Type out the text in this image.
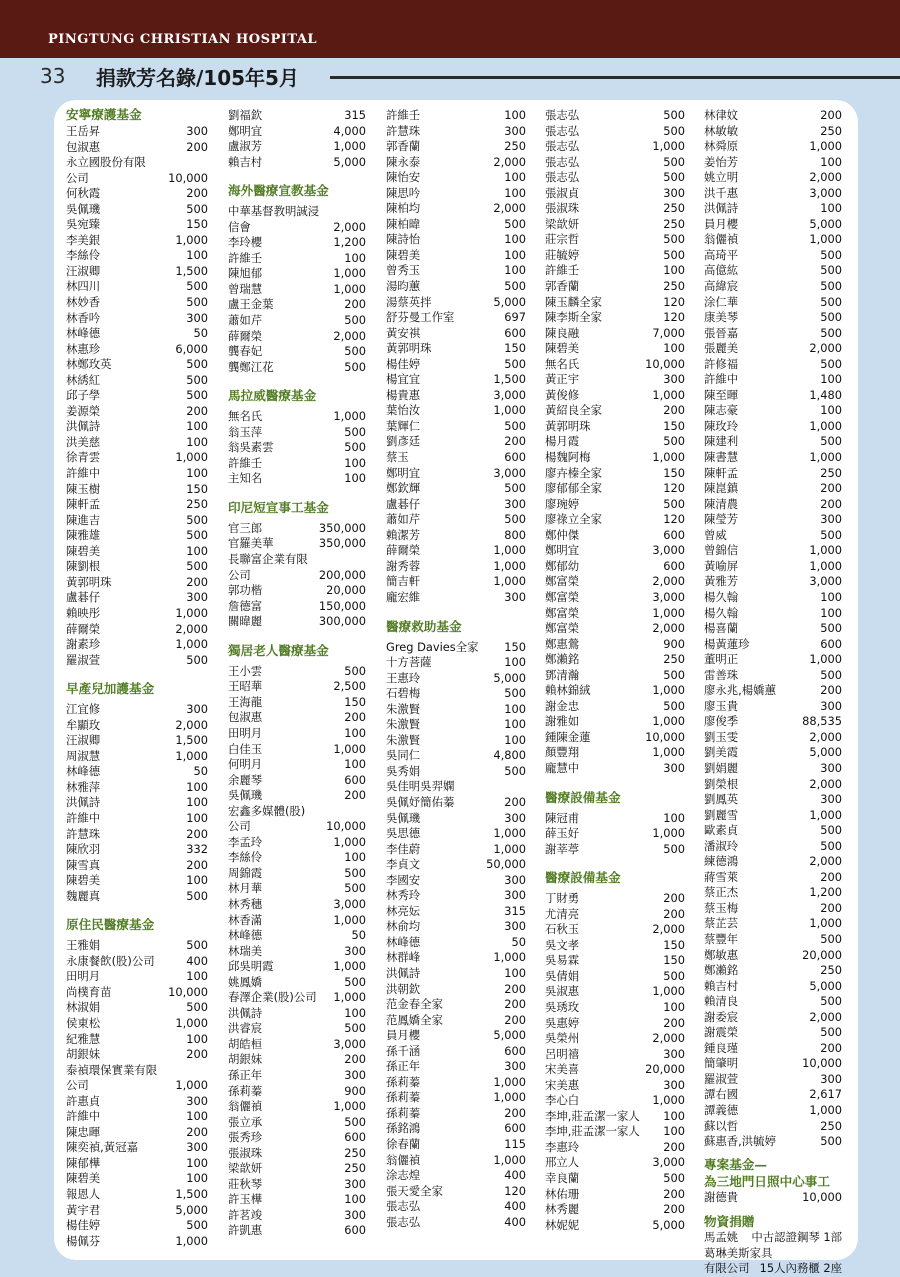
PINGTUNG CHRISTIAN HOSPITAL
33 捐款芳名錄/105年5月
安寧療護基金
王岳昇	300
包淑惠	200
永立國股份有限
公司	10,000
何秋霞	200
吳佩璣	500
吳宛臻	150
李美銀	1,000
李絲伶	100
汪淑卿	1,500
林四川	500
林妙香	500
林香吟	300
林峰德	50
林惠珍	6,000
林鄭玫英	500
林綉紅	500
邱子學	500
姜源榮	200
洪佩詩	100
洪美慈	100
徐青雲	1,000
許維中	100
陳玉樹	150
陳軒孟	250
陳進吉	500
陳雅雄	500
陳碧美	100
陳劉根	500
黃郭明珠	200
盧碁仔	300
賴映彤	1,000
薛爾榮	2,000
謝素珍	1,000
羅淑萱	500
早產兒加護基金
江宜修	300
牟顯玫	2,000
汪淑卿	1,500
周淑慧	1,000
林峰德	50
林雅萍	100
洪佩詩	100
許維中	100
許慧珠	200
陳欣羽	332
陳雪真	200
陳碧美	100
魏麗真	500
原住民醫療基金
王雅娟	500
永康餐飲(股)公司	400
田明月	100
尚樸育苗	10,000
林淑娟	500
侯東松	1,000
紀雅慧	100
胡銀妹	200
泰禎環保實業有限
公司	1,000
許惠貞	300
許維中	100
陳忠暉	200
陳奕禎,黃冠嘉	300
陳郁樺	100
陳碧美	100
報恩人	1,500
黃宇君	5,000
楊佳婷	500
楊佩芬	1,000
劉福欽	315
鄭明宜	4,000
盧淑芳	1,000
賴吉村	5,000
海外醫療宣教基金
中華基督教明誠浸
信會	2,000
李玲櫻	1,200
許維壬	100
陳旭郁	1,000
曾瑞慧	1,000
盧王金葉	200
蕭如芹	500
薛爾榮	2,000
龔春妃	500
龔鄭江花	500
馬拉威醫療基金
無名氏	1,000
翁玉萍	500
翁吳素雲	500
許維壬	100
主知名	100
印尼短宣事工基金
官三郎	350,000
官羅美華	350,000
長聯富企業有限
公司	200,000
郭功楷	20,000
詹德富	150,000
關暐麗	300,000
獨居老人醫療基金
王小雲	500
王昭華	2,500
王海龍	150
包淑惠	200
田明月	100
白佳玉	1,000
何明月	100
余麗琴	600
吳佩璣	200
宏鑫多媒體(股)
公司	10,000
李孟玲	1,000
李絲伶	100
周錦霞	500
林月華	500
林秀穗	3,000
林香滿	1,000
林峰德	50
林瑞美	300
邱吳明霞	1,000
姚鳳嬌	500
春澤企業(股)公司	1,000
洪佩詩	100
洪睿宸	500
胡皓桓	3,000
胡銀妹	200
孫正年	300
孫莉蓁	900
翁儷禎	1,000
張立承	500
張秀珍	600
張淑珠	250
梁歆妍	250
莊秋琴	300
許玉樺	100
許茗竣	300
許凱惠	600
許維壬	100
許慧珠	300
郭香蘭	250
陳永泰	2,000
陳怡安	100
陳思吟	100
陳柏均	2,000
陳柏暐	500
陳詩怡	100
陳碧美	100
曾秀玉	100
湯昀蕙	500
湯蔡英拌	5,000
舒芬曼工作室	697
黃安祺	600
黃郭明珠	150
楊佳婷	500
楊宜宜	1,500
楊貴惠	3,000
葉怡汝	1,000
葉輝仁	500
劉彥廷	200
蔡玉	600
鄭明宜	3,000
鄭欽輝	500
盧碁仔	300
蕭如芹	500
賴潔芳	800
薛爾榮	1,000
謝秀蓉	1,000
簡吉軒	1,000
龐宏維	300
醫療救助基金
Greg Davies全家	150
十方菩薩	100
王惠玲	5,000
石碧梅	500
朱激賢	100
朱激賢	100
朱激賢	100
吳同仁	4,800
吳秀娟	500
吳佳明吳羿嫻
吳佩妤簡佑蓁	200
吳佩璣	300
吳思德	1,000
李佳蔚	1,000
李貞文	50,000
李國安	300
林秀玲	300
林亮妘	315
林俞均	300
林峰德	50
林群峰	1,000
洪佩詩	100
洪朝欽	200
范金春全家	200
范鳳嬌全家	200
員月櫻	5,000
孫千涵	600
孫正年	300
孫莉蓁	1,000
孫莉蓁	1,000
孫莉蓁	200
孫銘鴻	600
徐春蘭	115
翁儷禎	1,000
涂志煌	400
張天愛全家	120
張志弘	400
張志弘	400
張志弘	500
張志弘	500
張志弘	1,000
張志弘	500
張志弘	500
張淑貞	300
張淑珠	250
梁歆妍	250
莊宗哲	500
莊毓婷	500
許維壬	100
郭香蘭	250
陳玉麟全家	120
陳李斯全家	120
陳良融	7,000
陳碧美	100
無名氏	10,000
黃正宇	300
黃俊修	1,000
黃紹良全家	200
黃郭明珠	150
楊月霞	500
楊魏阿梅	1,000
廖卉榛全家	150
廖郁郁全家	120
廖琬婷	500
廖祿立全家	120
鄭仲傑	600
鄭明宜	3,000
鄭郁幼	600
鄭富榮	2,000
鄭富榮	3,000
鄭富榮	1,000
鄭富榮	2,000
鄭惠鶯	900
鄭瀨銘	250
鄧清瀚	500
賴林錦絨	1,000
謝金忠	500
謝雅如	1,000
鍾陳金蓮	10,000
顏豐翔	1,000
龐慧中	300
醫療設備基金
陳冠甫	100
薛玉好	1,000
謝莘葶	500
醫療設備基金
丁財勇	200
尤清亮	200
石秋玉	2,000
吳文孝	150
吳易霖	150
吳倩娟	500
吳淑惠	1,000
吳琇玫	100
吳惠婷	200
吳榮州	2,000
呂明禧	300
宋美喜	20,000
宋美惠	300
李心白	1,000
李坤,莊孟潔一家人	100
李坤,莊孟潔一家人	100
李惠玲	200
邢立人	3,000
幸良蘭	500
林佑珊	200
林秀麗	200
林妮妮	5,000
林律妏	200
林敏敏	250
林舜原	1,000
姜怡芳	100
姚立明	2,000
洪千惠	3,000
洪佩詩	100
員月櫻	5,000
翁儷禎	1,000
高琦平	500
高億紘	500
高緯宸	500
涂仁華	500
康美琴	500
張晉嘉	500
張麗美	2,000
許修福	500
許維中	100
陳至暉	1,480
陳志豪	100
陳玫玲	1,000
陳建利	500
陳書慧	1,000
陳軒孟	250
陳崑鎮	200
陳清農	200
陳瑩芳	300
曾威	500
曾錦信	1,000
黃喻屏	1,000
黃雅芳	3,000
楊久翰	100
楊久翰	100
楊喜蘭	500
楊黃蓮珍	600
董明正	1,000
雷善珠	500
廖永兆,楊嬌蕙	200
廖玉貴	300
廖俊季	88,535
劉玉雯	2,000
劉美霞	5,000
劉娟麗	300
劉榮根	2,000
劉鳳英	300
劉麗雪	1,000
歐素貞	500
潘淑玲	500
練德鴻	2,000
蔣雪萊	200
蔡正杰	1,200
蔡玉梅	200
蔡芷芸	1,000
蔡豐年	500
鄭敏惠	20,000
鄭瀨銘	250
賴吉村	5,000
賴清良	500
謝委宸	2,000
謝震榮	500
鍾良瑾	200
簡肇明	10,000
羅淑萱	300
譚右國	2,617
譚義德	1,000
蘇以哲	250
蘇惠香,洪毓婷	500
專案基金—
為三地門日照中心事工
謝德貴	10,000
物資捐贈
馬孟姚	中古認證鋼琴 1部
葛琳美斯家具
有限公司 15人內務櫃 2座
